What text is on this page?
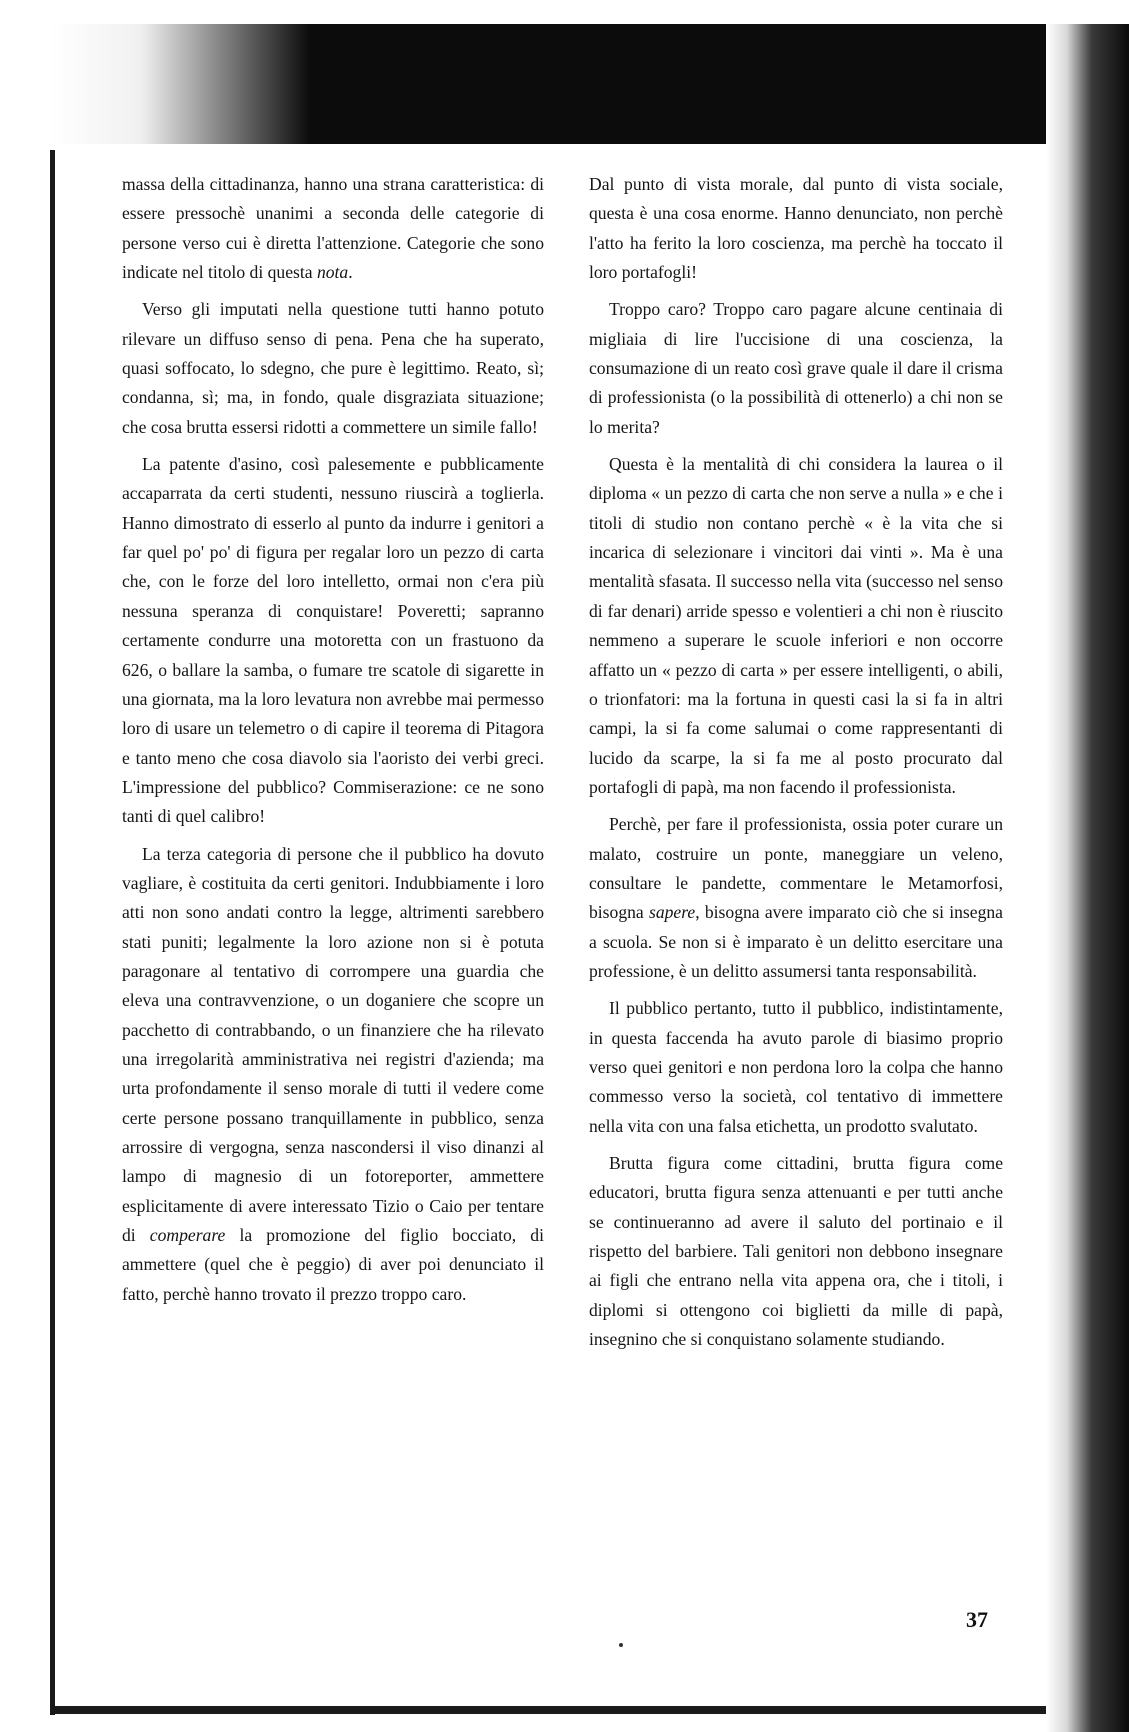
massa della cittadinanza, hanno una strana caratteristica: di essere pressochè unanimi a seconda delle categorie di persone verso cui è diretta l'attenzione. Categorie che sono indicate nel titolo di questa nota.

Verso gli imputati nella questione tutti hanno potuto rilevare un diffuso senso di pena. Pena che ha superato, quasi soffocato, lo sdegno, che pure è legittimo. Reato, sì; condanna, sì; ma, in fondo, quale disgraziata situazione; che cosa brutta essersi ridotti a commettere un simile fallo!

La patente d'asino, così palesemente e pubblicamente accaparrata da certi studenti, nessuno riuscirà a toglierla. Hanno dimostrato di esserlo al punto da indurre i genitori a far quel po' po' di figura per regalar loro un pezzo di carta che, con le forze del loro intelletto, ormai non c'era più nessuna speranza di conquistare! Poveretti; sapranno certamente condurre una motoretta con un frastuono da 626, o ballare la samba, o fumare tre scatole di sigarette in una giornata, ma la loro levatura non avrebbe mai permesso loro di usare un telemetro o di capire il teorema di Pitagora e tanto meno che cosa diavolo sia l'aoristo dei verbi greci. L'impressione del pubblico? Commiserazione: ce ne sono tanti di quel calibro!

La terza categoria di persone che il pubblico ha dovuto vagliare, è costituita da certi genitori. Indubbiamente i loro atti non sono andati contro la legge, altrimenti sarebbero stati puniti; legalmente la loro azione non si è potuta paragonare al tentativo di corrompere una guardia che eleva una contravvenzione, o un doganiere che scopre un pacchetto di contrabbando, o un finanziere che ha rilevato una irregolarità amministrativa nei registri d'azienda; ma urta profondamente il senso morale di tutti il vedere come certe persone possano tranquillamente in pubblico, senza arrossire di vergogna, senza nascondersi il viso dinanzi al lampo di magnesio di un fotoreporter, ammettere esplicitamente di avere interessato Tizio o Caio per tentare di comperare la promozione del figlio bocciato, di ammettere (quel che è peggio) di aver poi denunciato il fatto, perchè hanno trovato il prezzo troppo caro.

Dal punto di vista morale, dal punto di vista sociale, questa è una cosa enorme. Hanno denunciato, non perchè l'atto ha ferito la loro coscienza, ma perchè ha toccato il loro portafogli!

Troppo caro? Troppo caro pagare alcune centinaia di migliaia di lire l'uccisione di una coscienza, la consumazione di un reato così grave quale il dare il crisma di professionista (o la possibilità di ottenerlo) a chi non se lo merita?

Questa è la mentalità di chi considera la laurea o il diploma « un pezzo di carta che non serve a nulla » e che i titoli di studio non contano perchè « è la vita che si incarica di selezionare i vincitori dai vinti ». Ma è una mentalità sfasata. Il successo nella vita (successo nel senso di far denari) arride spesso e volentieri a chi non è riuscito nemmeno a superare le scuole inferiori e non occorre affatto un « pezzo di carta » per essere intelligenti, o abili, o trionfatori: ma la fortuna in questi casi la si fa in altri campi, la si fa come salumai o come rappresentanti di lucido da scarpe, la si fa me al posto procurato dal portafogli di papà, ma non facendo il professionista.

Perchè, per fare il professionista, ossia poter curare un malato, costruire un ponte, maneggiare un veleno, consultare le pandette, commentare le Metamorfosi, bisogna sapere, bisogna avere imparato ciò che si insegna a scuola. Se non si è imparato è un delitto esercitare una professione, è un delitto assumersi tanta responsabilità.

Il pubblico pertanto, tutto il pubblico, indistintamente, in questa faccenda ha avuto parole di biasimo proprio verso quei genitori e non perdona loro la colpa che hanno commesso verso la società, col tentativo di immettere nella vita con una falsa etichetta, un prodotto svalutato.

Brutta figura come cittadini, brutta figura come educatori, brutta figura senza attenuanti e per tutti anche se continueranno ad avere il saluto del portinaio e il rispetto del barbiere. Tali genitori non debbono insegnare ai figli che entrano nella vita appena ora, che i titoli, i diplomi si ottengono coi biglietti da mille di papà, insegnino che si conquistano solamente studiando.

37
